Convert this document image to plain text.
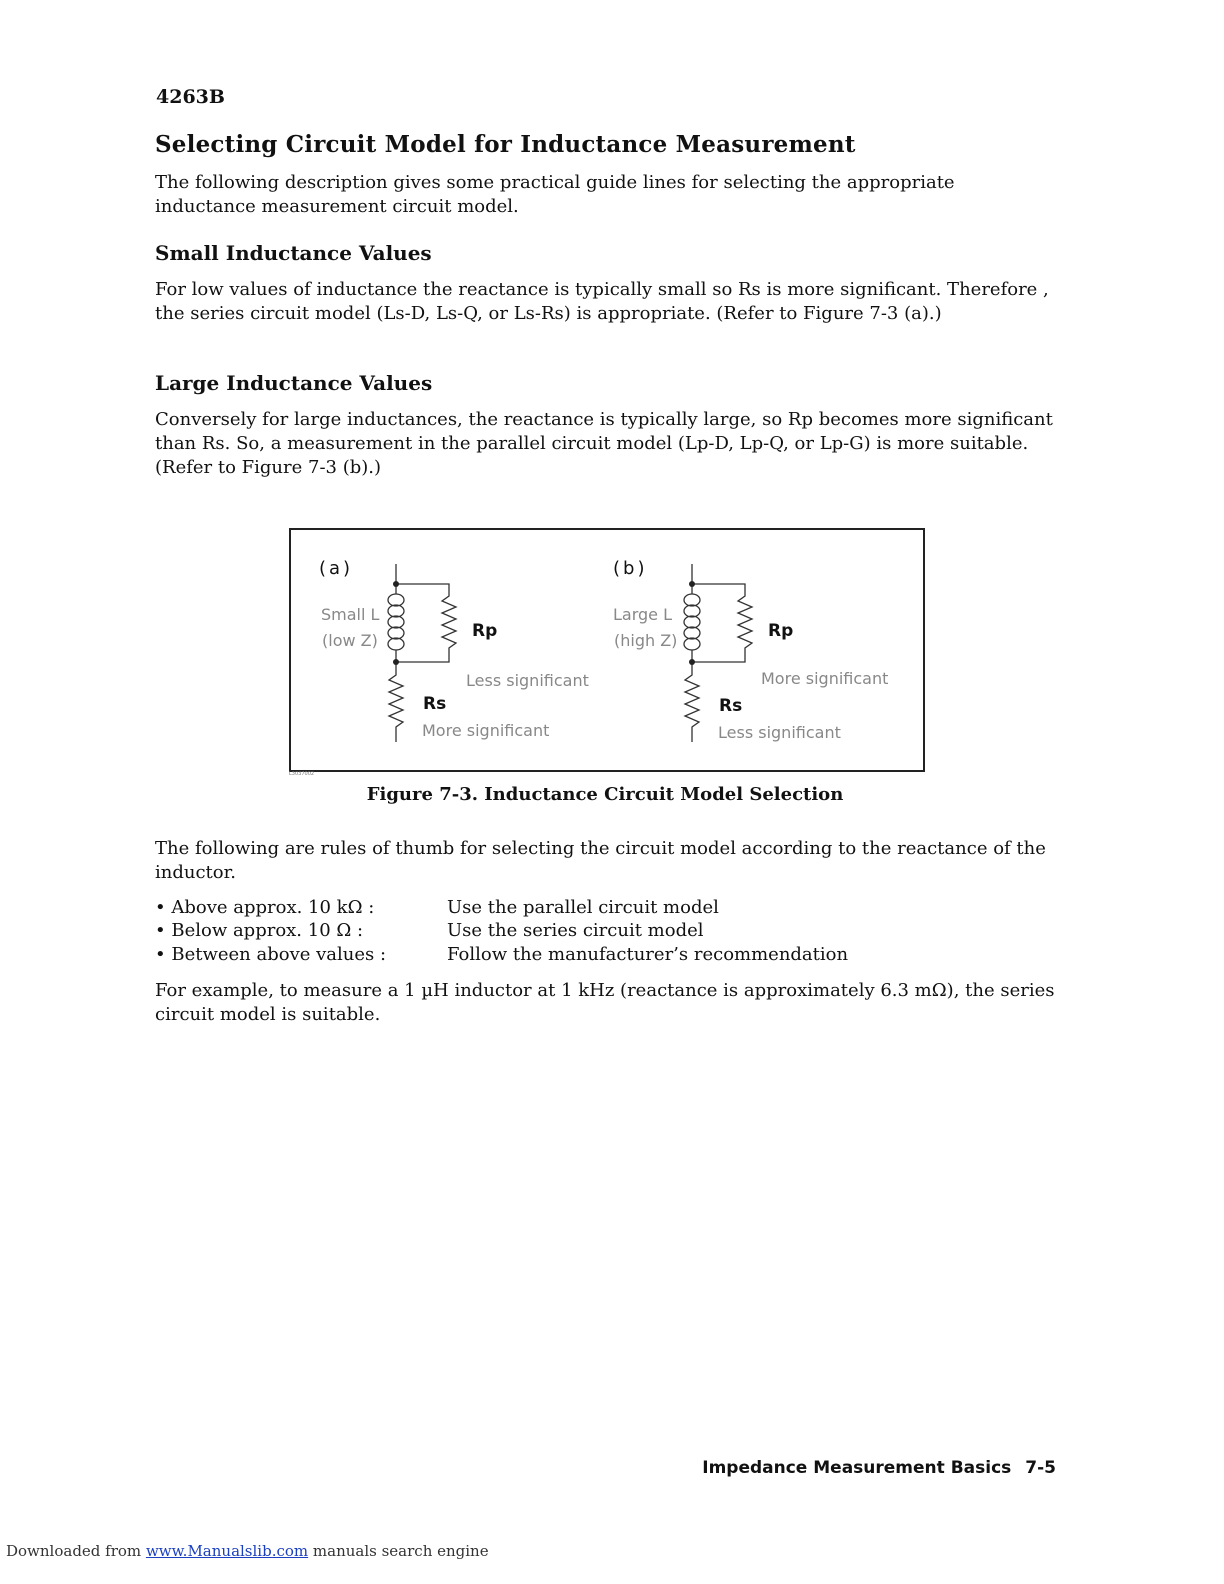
4263B
Selecting Circuit Model for Inductance Measurement

The following description gives some practical guide lines for selecting the appropriate inductance measurement circuit model.

Small Inductance Values

For low values of inductance the reactance is typically small so Rs is more significant. Therefore , the series circuit model (Ls-D, Ls-Q, or Ls-Rs) is appropriate. (Refer to Figure 7-3 (a).)

Large Inductance Values

Conversely for large inductances, the reactance is typically large, so Rp becomes more significant than Rs. So, a measurement in the parallel circuit model (Lp-D, Lp-Q, or Lp-G) is more suitable. (Refer to Figure 7-3 (b).)

(a)
Small L
(low Z)	Rp
Less significant
Rs
More significant
(b)
Large L
(high Z)	Rp
More significant
Rs
Less significant
L3037002
Figure 7-3. Inductance Circuit Model Selection

The following are rules of thumb for selecting the circuit model according to the reactance of the inductor.

• Above approx. 10 kΩ :	Use the parallel circuit model
• Below approx. 10 Ω :	Use the series circuit model
• Between above values :	Follow the manufacturer’s recommendation

For example, to measure a 1 µH inductor at 1 kHz (reactance is approximately 6.3 mΩ), the series circuit model is suitable.

Impedance Measurement Basics 7-5
Downloaded from www.Manualslib.com manuals search engine
